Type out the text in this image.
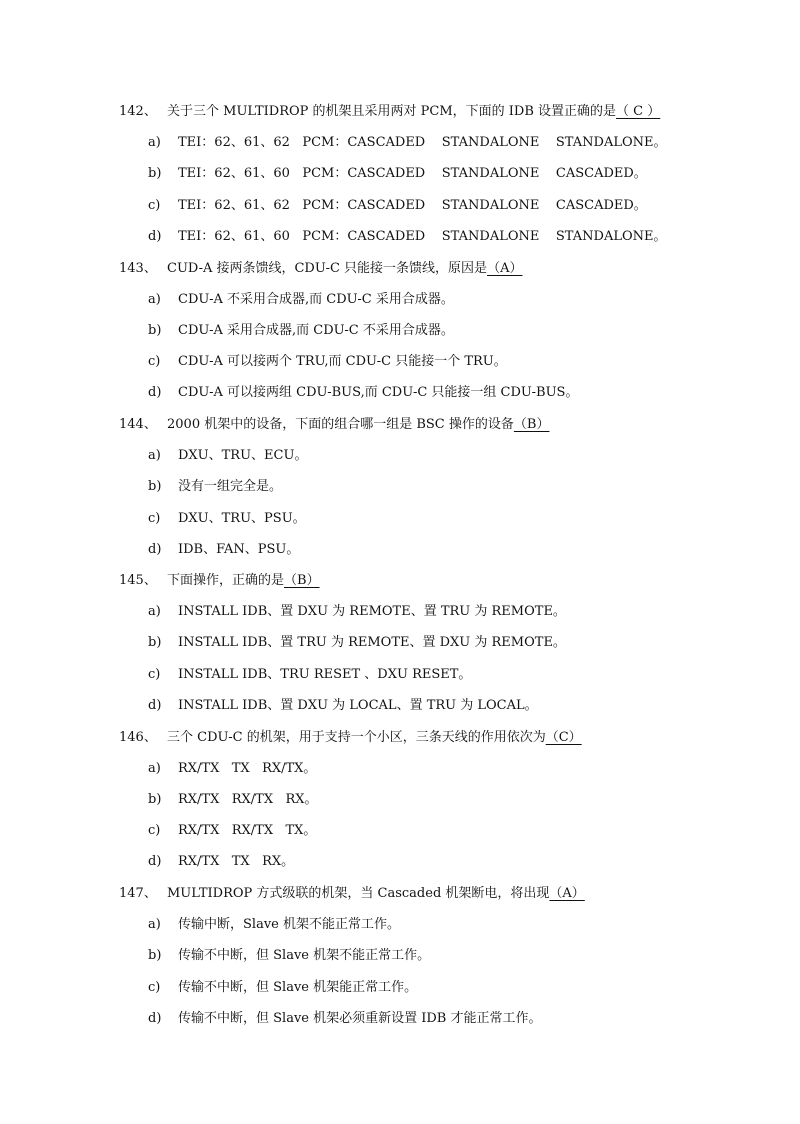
142、 关于三个 MULTIDROP 的机架且采用两对 PCM，下面的 IDB 设置正确的是（ C ）
a) TEI：62、61、62   PCM：CASCADED    STANDALONE    STANDALONE。
b) TEI：62、61、60   PCM：CASCADED    STANDALONE    CASCADED。
c) TEI：62、61、62   PCM：CASCADED    STANDALONE    CASCADED。
d) TEI：62、61、60   PCM：CASCADED    STANDALONE    STANDALONE。
143、 CUD-A 接两条馈线，CDU-C 只能接一条馈线，原因是（A）
a) CDU-A 不采用合成器,而 CDU-C 采用合成器。
b) CDU-A 采用合成器,而 CDU-C 不采用合成器。
c) CDU-A 可以接两个 TRU,而 CDU-C 只能接一个 TRU。
d) CDU-A 可以接两组 CDU-BUS,而 CDU-C 只能接一组 CDU-BUS。
144、 2000 机架中的设备，下面的组合哪一组是 BSC 操作的设备（B）
a) DXU、TRU、ECU。
b) 没有一组完全是。
c) DXU、TRU、PSU。
d) IDB、FAN、PSU。
145、 下面操作，正确的是（B）
a) INSTALL IDB、置 DXU 为 REMOTE、置 TRU 为 REMOTE。
b) INSTALL IDB、置 TRU 为 REMOTE、置 DXU 为 REMOTE。
c) INSTALL IDB、TRU RESET 、DXU RESET。
d) INSTALL IDB、置 DXU 为 LOCAL、置 TRU 为 LOCAL。
146、 三个 CDU-C 的机架，用于支持一个小区，三条天线的作用依次为（C）
a) RX/TX   TX   RX/TX。
b) RX/TX   RX/TX   RX。
c) RX/TX   RX/TX   TX。
d) RX/TX   TX   RX。
147、 MULTIDROP 方式级联的机架，当 Cascaded 机架断电，将出现（A）
a) 传输中断，Slave 机架不能正常工作。
b) 传输不中断，但 Slave 机架不能正常工作。
c) 传输不中断，但 Slave 机架能正常工作。
d) 传输不中断，但 Slave 机架必须重新设置 IDB 才能正常工作。
